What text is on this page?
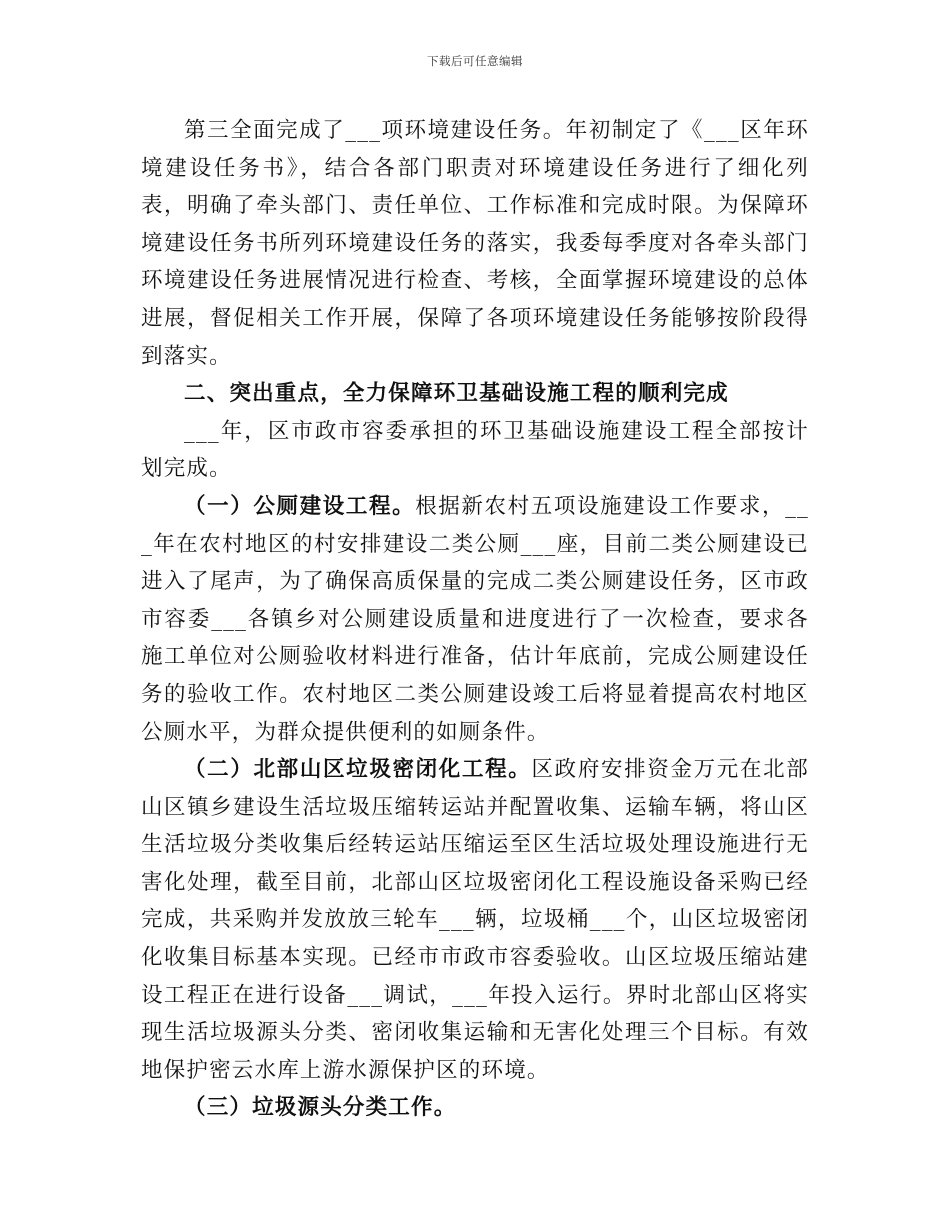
下载后可任意编辑

第三全面完成了___项环境建设任务。年初制定了《___区年环境建设任务书》，结合各部门职责对环境建设任务进行了细化列表，明确了牵头部门、责任单位、工作标准和完成时限。为保障环境建设任务书所列环境建设任务的落实，我委每季度对各牵头部门环境建设任务进展情况进行检查、考核，全面掌握环境建设的总体进展，督促相关工作开展，保障了各项环境建设任务能够按阶段得到落实。

二、突出重点，全力保障环卫基础设施工程的顺利完成

___年，区市政市容委承担的环卫基础设施建设工程全部按计划完成。

（一）公厕建设工程。根据新农村五项设施建设工作要求，___年在农村地区的村安排建设二类公厕___座，目前二类公厕建设已进入了尾声，为了确保高质保量的完成二类公厕建设任务，区市政市容委___各镇乡对公厕建设质量和进度进行了一次检查，要求各施工单位对公厕验收材料进行准备，估计年底前，完成公厕建设任务的验收工作。农村地区二类公厕建设竣工后将显着提高农村地区公厕水平，为群众提供便利的如厕条件。

（二）北部山区垃圾密闭化工程。区政府安排资金万元在北部山区镇乡建设生活垃圾压缩转运站并配置收集、运输车辆，将山区生活垃圾分类收集后经转运站压缩运至区生活垃圾处理设施进行无害化处理，截至目前，北部山区垃圾密闭化工程设施设备采购已经完成，共采购并发放放三轮车___辆，垃圾桶___个，山区垃圾密闭化收集目标基本实现。已经市市政市容委验收。山区垃圾压缩站建设工程正在进行设备___调试，___年投入运行。界时北部山区将实现生活垃圾源头分类、密闭收集运输和无害化处理三个目标。有效地保护密云水库上游水源保护区的环境。

（三）垃圾源头分类工作。
